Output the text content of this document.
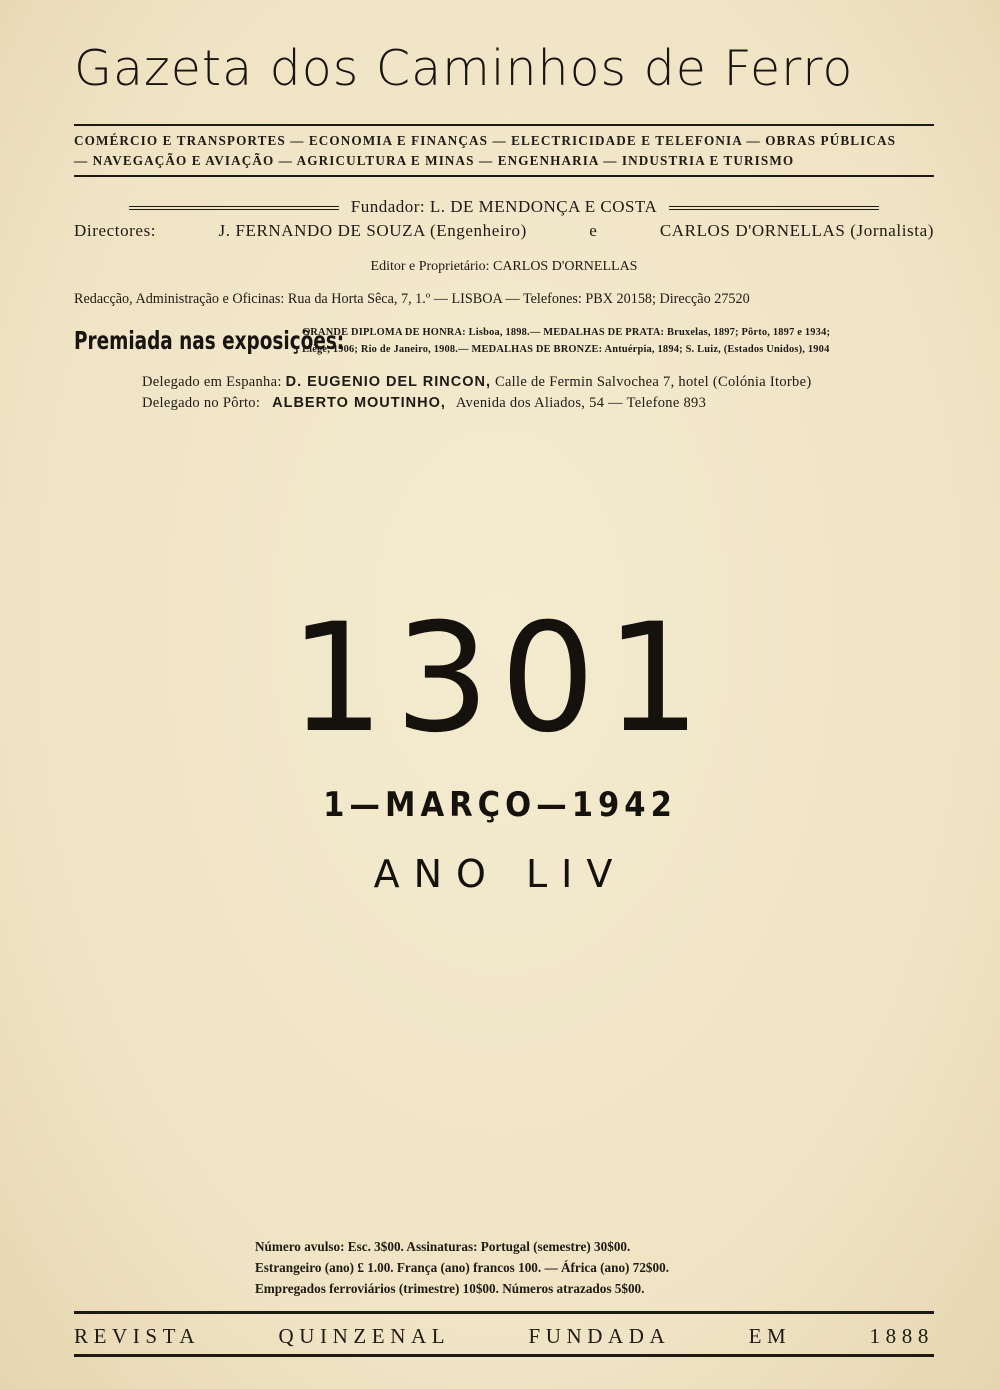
Gazeta dos Caminhos de Ferro
COMÉRCIO E TRANSPORTES — ECONOMIA E FINANÇAS — ELECTRICIDADE E TELEFONIA — OBRAS PÚBLICAS
— NAVEGAÇÃO E AVIAÇÃO — AGRICULTURA E MINAS — ENGENHARIA — INDUSTRIA E TURISMO
Fundador: L. DE MENDONÇA E COSTA
Directores:	J. FERNANDO DE SOUZA (Engenheiro)	e	CARLOS D'ORNELLAS (Jornalista)
Editor e Proprietário: CARLOS D'ORNELLAS
Redacção, Administração e Oficinas: Rua da Horta Sêca, 7, 1.º — LISBOA — Telefones: PBX 20158; Direcção 27520
Premiada nas exposições:
GRANDE DIPLOMA DE HONRA: Lisboa, 1898.— MEDALHAS DE PRATA: Bruxelas, 1897; Pôrto, 1897 e 1934;
Liège, 1906; Rio de Janeiro, 1908.— MEDALHAS DE BRONZE: Antuérpia, 1894; S. Luiz, (Estados Unidos), 1904
Delegado em Espanha: D. EUGENIO DEL RINCON, Calle de Fermin Salvochea 7, hotel (Colónia Itorbe)
Delegado no Pôrto: ALBERTO MOUTINHO, Avenida dos Aliados, 54 — Telefone 893
1301
1—MARÇO—1942
ANO LIV
Número avulso: Esc. 3$00. Assinaturas: Portugal (semestre) 30$00.
Estrangeiro (ano) £ 1.00. França (ano) francos 100. — África (ano) 72$00.
Empregados ferroviários (trimestre) 10$00. Números atrazados 5$00.
REVISTA	QUINZENAL	FUNDADA	EM	1888
